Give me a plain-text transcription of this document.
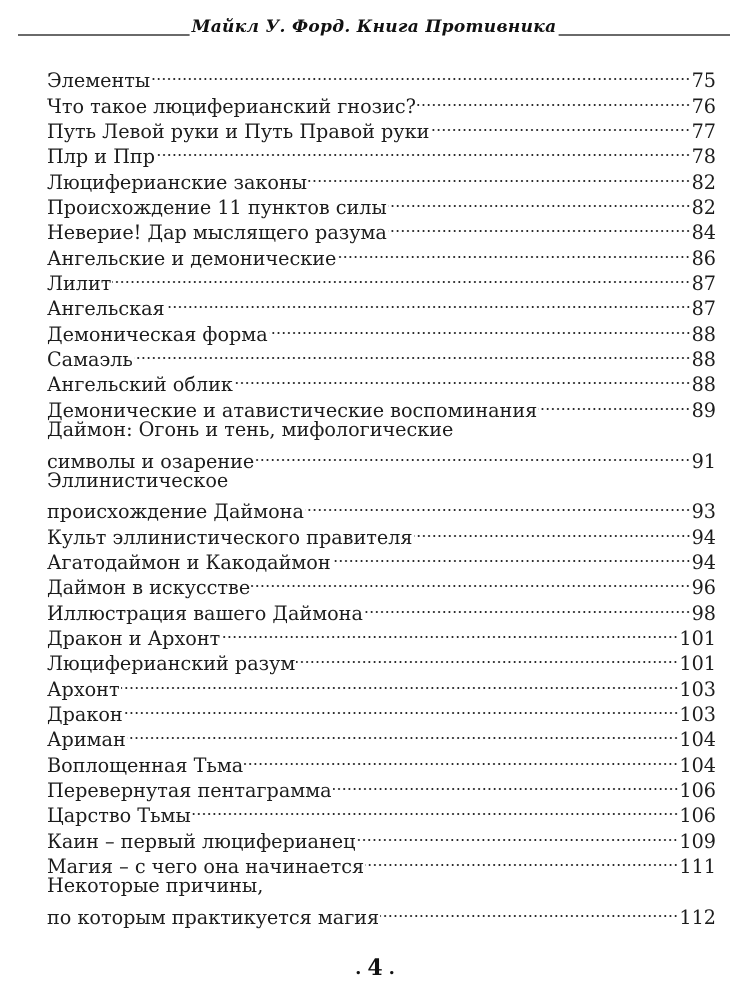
Майкл У. Форд. Книга Противника
Элементы	75
Что такое люциферианский гнозис?	76
Путь Левой руки и Путь Правой руки	77
Плр и Ппр	78
Люциферианские законы	82
Происхождение 11 пунктов силы	82
Неверие! Дар мыслящего разума	84
Ангельские и демонические	86
Лилит	87
Ангельская	87
Демоническая форма	88
Самаэль	88
Ангельский облик	88
Демонические и атавистические воспоминания	89
Даймон: Огонь и тень, мифологические
символы и озарение	91
Эллинистическое
происхождение Даймона	93
Культ эллинистического правителя	94
Агатодаймон и Какодаймон	94
Даймон в искусстве	96
Иллюстрация вашего Даймона	98
Дракон и Архонт	101
Люциферианский разум	101
Архонт	103
Дракон	103
Ариман	104
Воплощенная Тьма	104
Перевернутая пентаграмма	106
Царство Тьмы	106
Каин – первый люциферианец	109
Магия – с чего она начинается	111
Некоторые причины,
по которым практикуется магия	112
. 4 .
